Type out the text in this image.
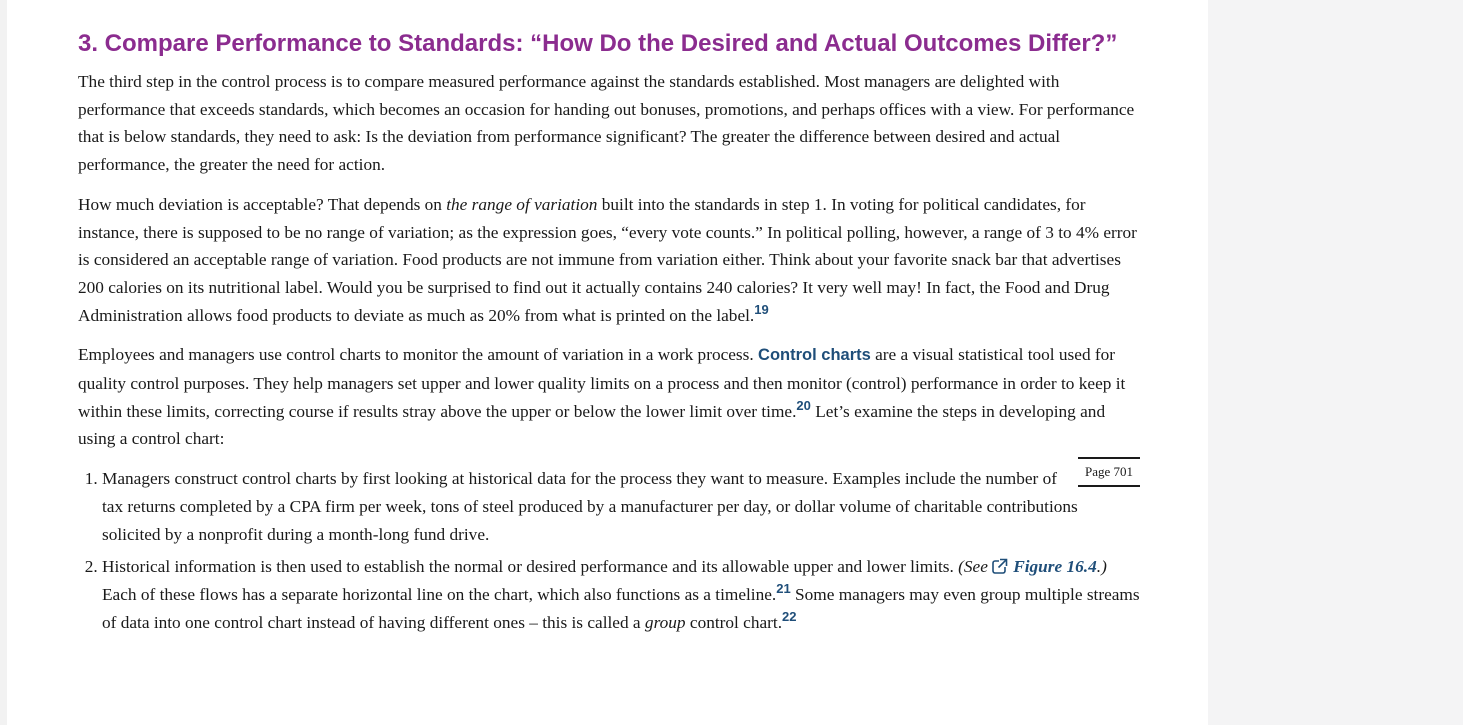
3. Compare Performance to Standards: “How Do the Desired and Actual Outcomes Differ?”

The third step in the control process is to compare measured performance against the standards established. Most managers are delighted with performance that exceeds standards, which becomes an occasion for handing out bonuses, promotions, and perhaps offices with a view. For performance that is below standards, they need to ask: Is the deviation from performance significant? The greater the difference between desired and actual performance, the greater the need for action.

How much deviation is acceptable? That depends on the range of variation built into the standards in step 1. In voting for political candidates, for instance, there is supposed to be no range of variation; as the expression goes, “every vote counts.” In political polling, however, a range of 3 to 4% error is considered an acceptable range of variation. Food products are not immune from variation either. Think about your favorite snack bar that advertises 200 calories on its nutritional label. Would you be surprised to find out it actually contains 240 calories? It very well may! In fact, the Food and Drug Administration allows food products to deviate as much as 20% from what is printed on the label.$^{19}$

Employees and managers use control charts to monitor the amount of variation in a work process. Control charts are a visual statistical tool used for quality control purposes. They help managers set upper and lower quality limits on a process and then monitor (control) performance in order to keep it within these limits, correcting course if results stray above the upper or below the lower limit over time.$^{20}$ Let’s examine the steps in developing and using a control chart:

1. Page 701
Managers construct control charts by first looking at historical data for the process they want to measure. Examples include the number of tax returns completed by a CPA firm per week, tons of steel produced by a manufacturer per day, or dollar volume of charitable contributions solicited by a nonprofit during a month-long fund drive.
2. Historical information is then used to establish the normal or desired performance and its allowable upper and lower limits. (See Figure 16.4.) Each of these flows has a separate horizontal line on the chart, which also functions as a timeline.$^{21}$ Some managers may even group multiple streams of data into one control chart instead of having different ones – this is called a group control chart.$^{22}$
